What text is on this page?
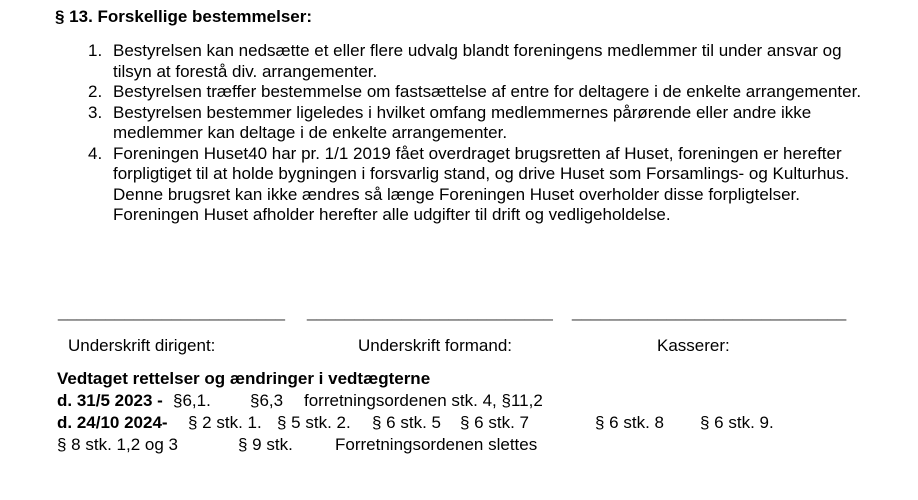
§ 13. Forskellige bestemmelser:
1. Bestyrelsen kan nedsætte et eller flere udvalg blandt foreningens medlemmer til under ansvar og
tilsyn at forestå div. arrangementer.
2. Bestyrelsen træffer bestemmelse om fastsættelse af entre for deltagere i de enkelte arrangementer.
3. Bestyrelsen bestemmer ligeledes i hvilket omfang medlemmernes pårørende eller andre ikke
medlemmer kan deltage i de enkelte arrangementer.
4. Foreningen Huset40 har pr. 1/1 2019 fået overdraget brugsretten af Huset, foreningen er herefter
forpligtiget til at holde bygningen i forsvarlig stand, og drive Huset som Forsamlings- og Kulturhus.
Denne brugsret kan ikke ændres så længe Foreningen Huset overholder disse forpligtelser.
Foreningen Huset afholder herefter alle udgifter til drift og vedligeholdelse.
________________________ __________________________ _____________________________
Underskrift dirigent:	Underskrift formand:	Kasserer:
Vedtaget rettelser og ændringer i vedtægterne
d. 31/5 2023 - §6,1. §6,3 forretningsordenen stk. 4, §11,2
d. 24/10 2024- § 2 stk. 1. § 5 stk. 2. § 6 stk. 5 § 6 stk. 7	§ 6 stk. 8 § 6 stk. 9.
§ 8 stk. 1,2 og 3	§ 9 stk. Forretningsordenen slettes
